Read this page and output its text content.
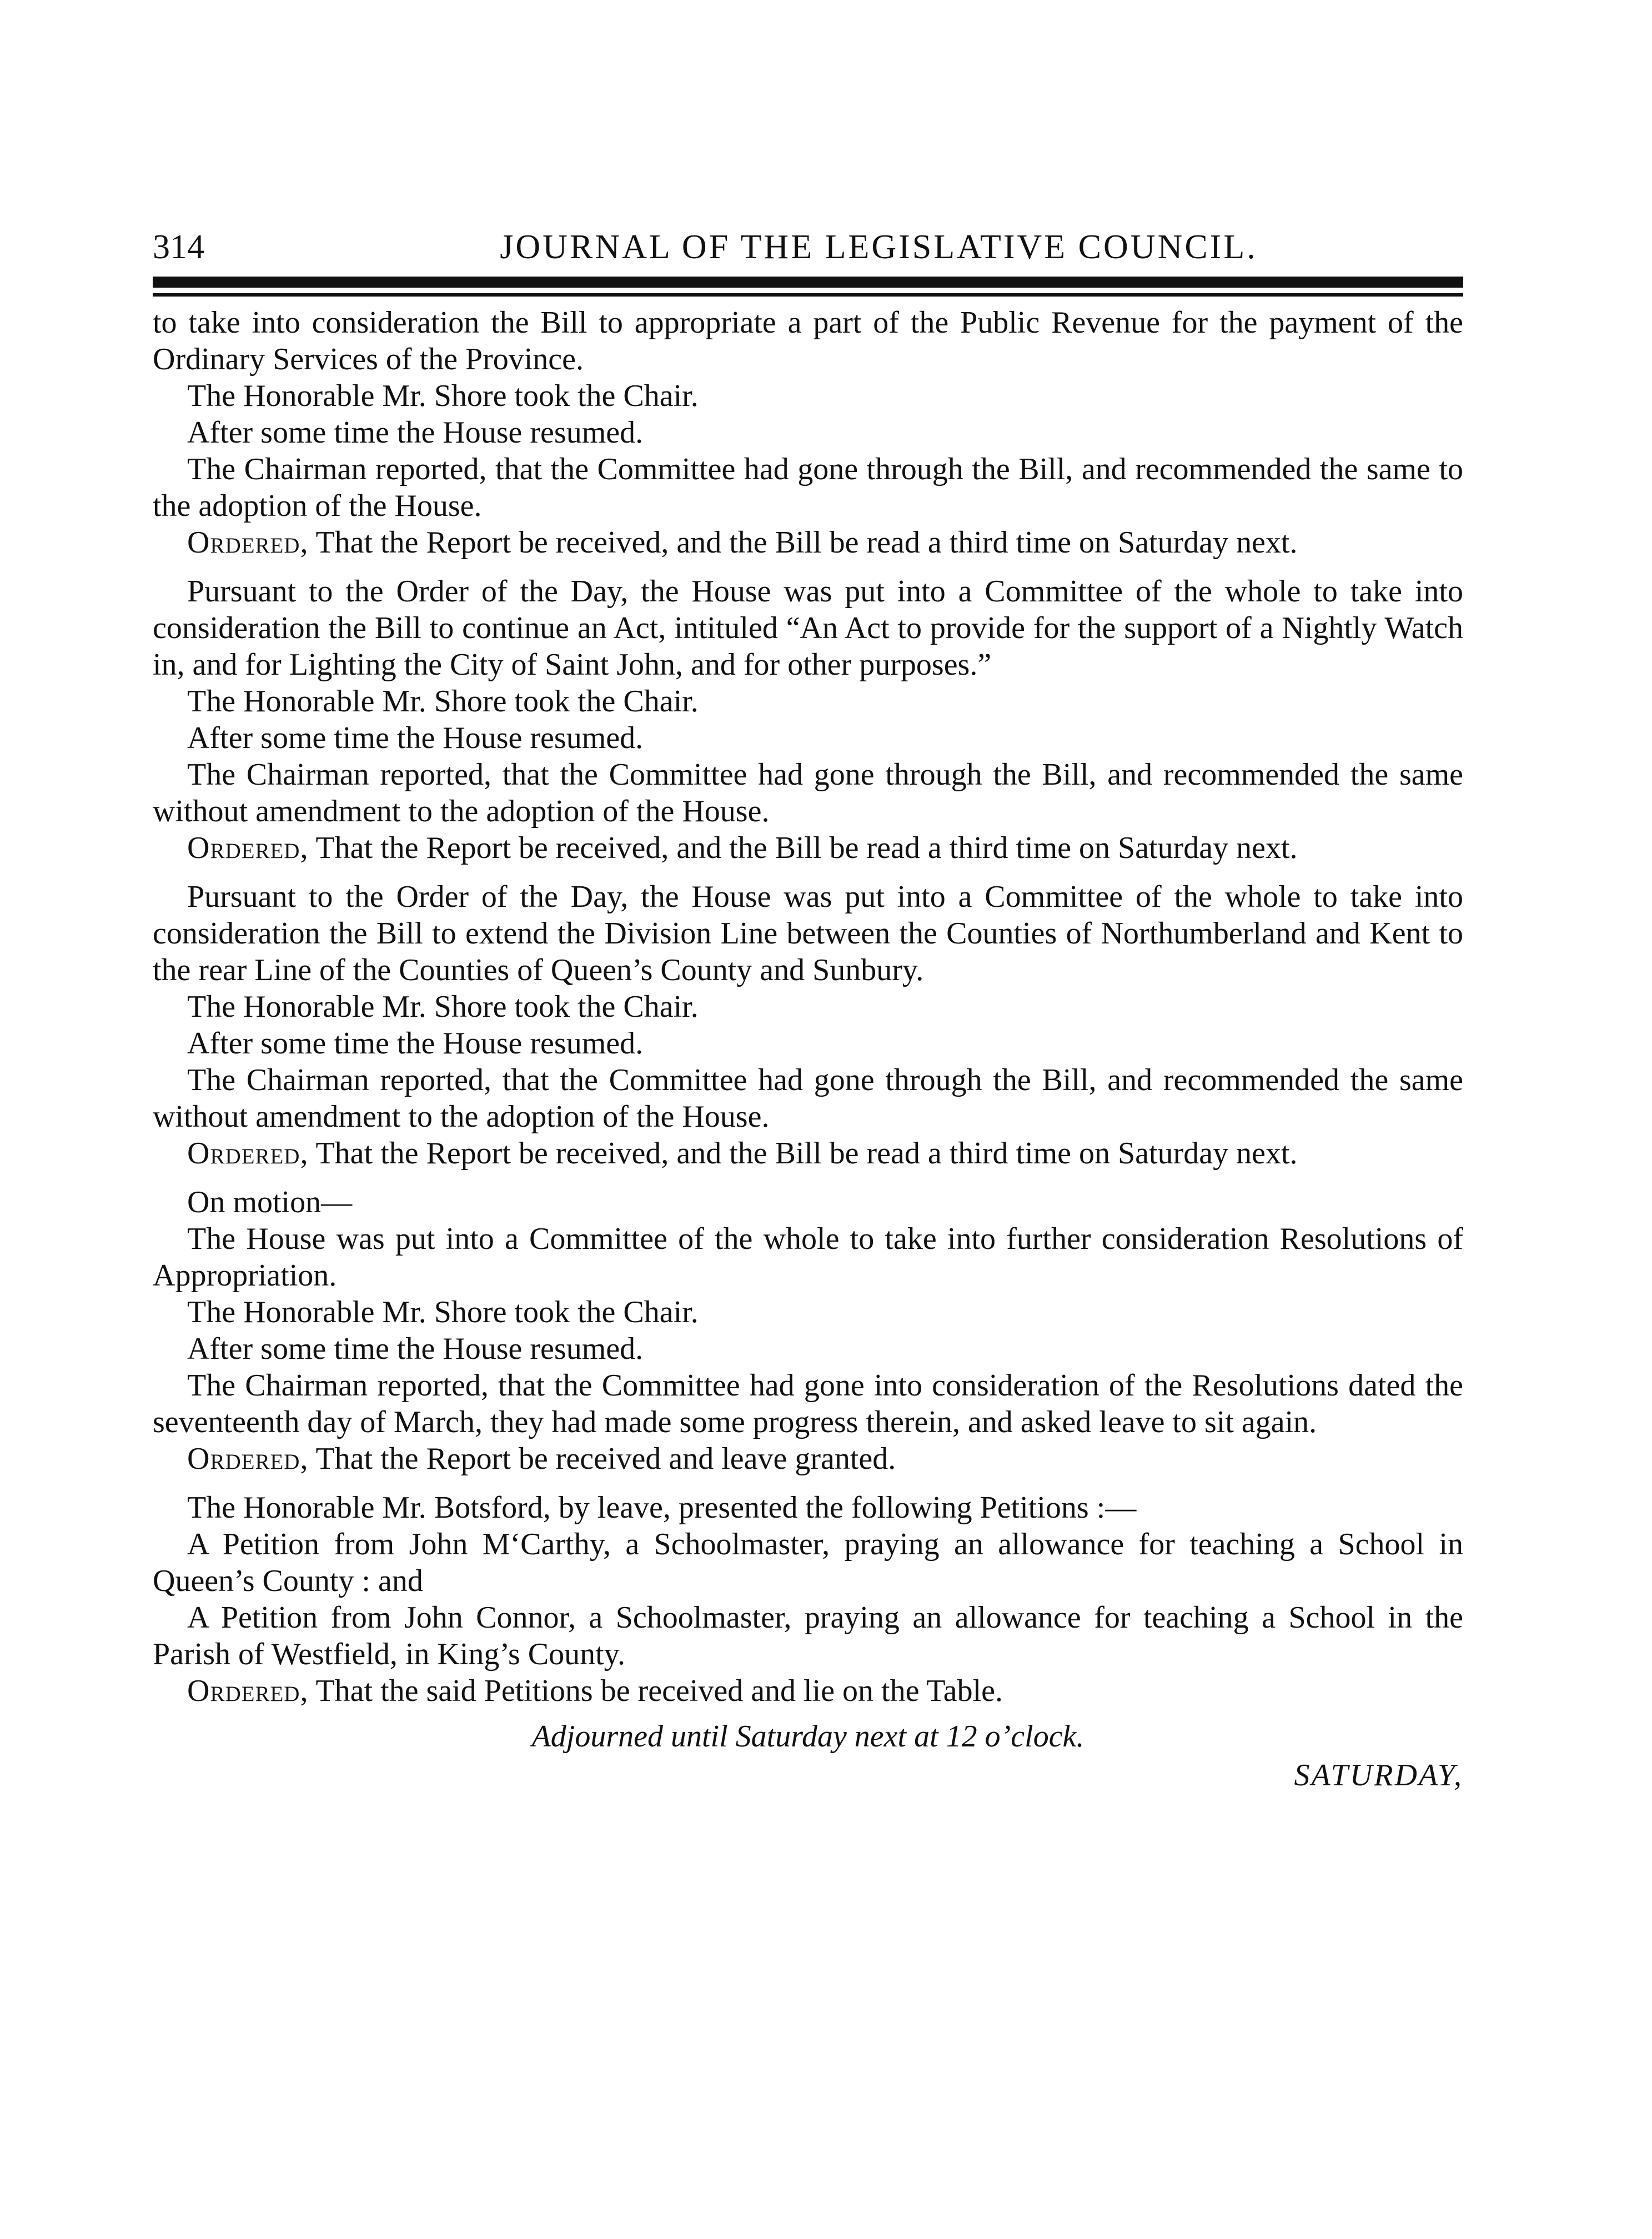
314	JOURNAL OF THE LEGISLATIVE COUNCIL.

to take into consideration the Bill to appropriate a part of the Public Revenue for the payment of the Ordinary Services of the Province.

The Honorable Mr. Shore took the Chair.

After some time the House resumed.

The Chairman reported, that the Committee had gone through the Bill, and recommended the same to the adoption of the House.

Ordered, That the Report be received, and the Bill be read a third time on Saturday next.

Pursuant to the Order of the Day, the House was put into a Committee of the whole to take into consideration the Bill to continue an Act, intituled “An Act to provide for the support of a Nightly Watch in, and for Lighting the City of Saint John, and for other purposes.”

The Honorable Mr. Shore took the Chair.

After some time the House resumed.

The Chairman reported, that the Committee had gone through the Bill, and recommended the same without amendment to the adoption of the House.

Ordered, That the Report be received, and the Bill be read a third time on Saturday next.

Pursuant to the Order of the Day, the House was put into a Committee of the whole to take into consideration the Bill to extend the Division Line between the Counties of Northumberland and Kent to the rear Line of the Counties of Queen’s County and Sunbury.

The Honorable Mr. Shore took the Chair.

After some time the House resumed.

The Chairman reported, that the Committee had gone through the Bill, and recommended the same without amendment to the adoption of the House.

Ordered, That the Report be received, and the Bill be read a third time on Saturday next.

On motion—

The House was put into a Committee of the whole to take into further consideration Resolutions of Appropriation.

The Honorable Mr. Shore took the Chair.

After some time the House resumed.

The Chairman reported, that the Committee had gone into consideration of the Resolutions dated the seventeenth day of March, they had made some progress therein, and asked leave to sit again.

Ordered, That the Report be received and leave granted.

The Honorable Mr. Botsford, by leave, presented the following Petitions :—

A Petition from John M‘Carthy, a Schoolmaster, praying an allowance for teaching a School in Queen’s County : and

A Petition from John Connor, a Schoolmaster, praying an allowance for teaching a School in the Parish of Westfield, in King’s County.

Ordered, That the said Petitions be received and lie on the Table.

Adjourned until Saturday next at 12 o’clock.

SATURDAY,
